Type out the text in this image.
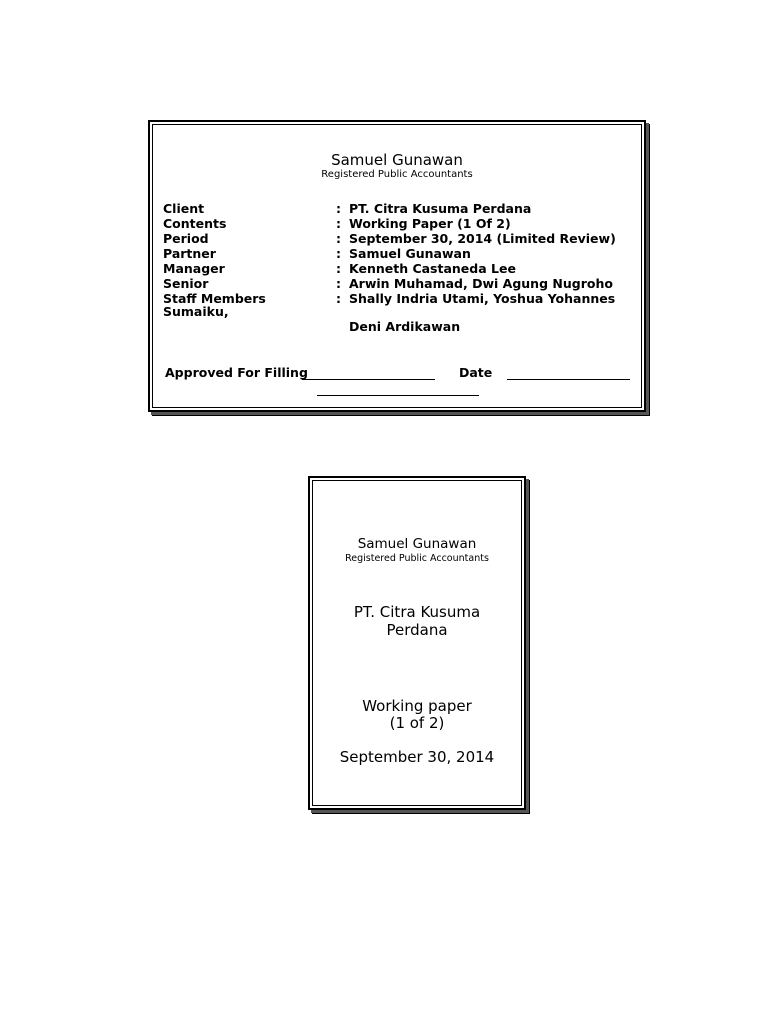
Samuel Gunawan
Registered Public Accountants
Client	: PT. Citra Kusuma Perdana
Contents	: Working Paper (1 Of 2)
Period	: September 30, 2014 (Limited Review)
Partner	: Samuel Gunawan
Manager	: Kenneth Castaneda Lee
Senior	: Arwin Muhamad, Dwi Agung Nugroho
Staff Members	: Shally Indria Utami, Yoshua Yohannes
Sumaiku,
Deni Ardikawan
Approved For Filling	Date
Samuel Gunawan
Registered Public Accountants
PT. Citra Kusuma
Perdana
Working paper
(1 of 2)
September 30, 2014
